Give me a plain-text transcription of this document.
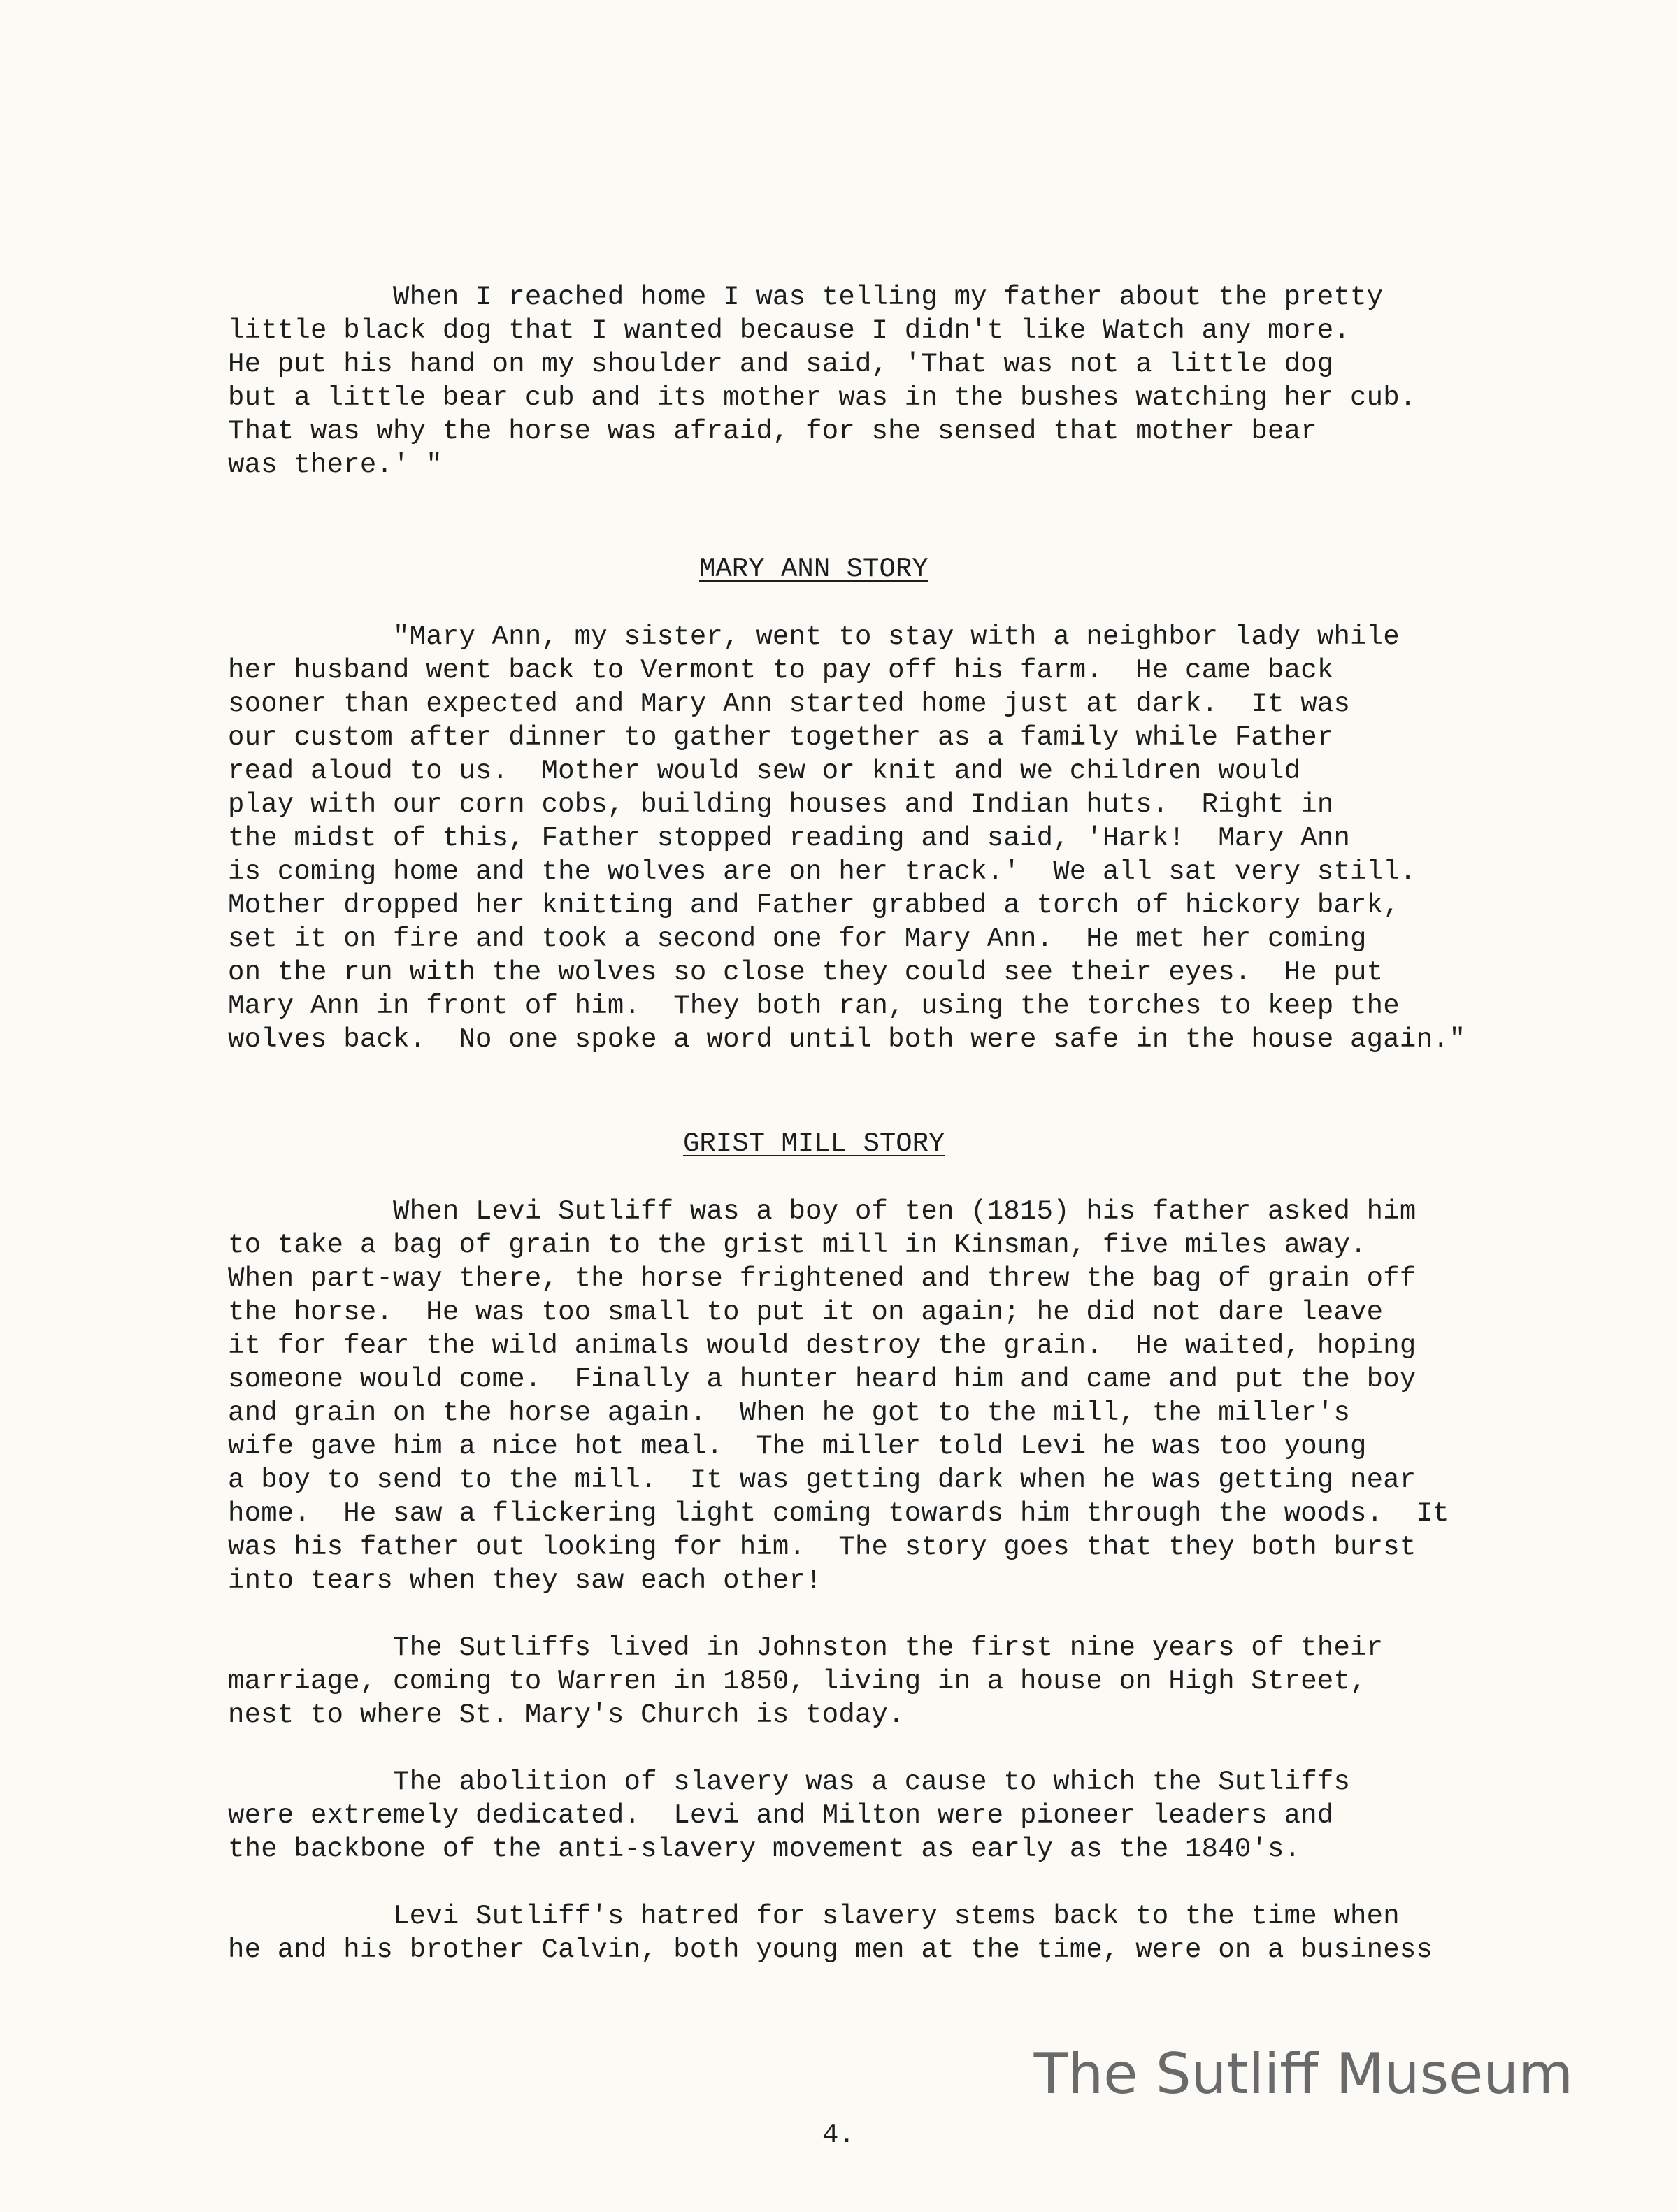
When I reached home I was telling my father about the pretty
little black dog that I wanted because I didn't like Watch any more.
He put his hand on my shoulder and said, 'That was not a little dog
but a little bear cub and its mother was in the bushes watching her cub.
That was why the horse was afraid, for she sensed that mother bear
was there.' "
MARY ANN STORY
"Mary Ann, my sister, went to stay with a neighbor lady while
her husband went back to Vermont to pay off his farm.  He came back
sooner than expected and Mary Ann started home just at dark.  It was
our custom after dinner to gather together as a family while Father
read aloud to us.  Mother would sew or knit and we children would
play with our corn cobs, building houses and Indian huts.  Right in
the midst of this, Father stopped reading and said, 'Hark!  Mary Ann
is coming home and the wolves are on her track.'  We all sat very still.
Mother dropped her knitting and Father grabbed a torch of hickory bark,
set it on fire and took a second one for Mary Ann.  He met her coming
on the run with the wolves so close they could see their eyes.  He put
Mary Ann in front of him.  They both ran, using the torches to keep the
wolves back.  No one spoke a word until both were safe in the house again."
GRIST MILL STORY
When Levi Sutliff was a boy of ten (1815) his father asked him
to take a bag of grain to the grist mill in Kinsman, five miles away.
When part-way there, the horse frightened and threw the bag of grain off
the horse.  He was too small to put it on again; he did not dare leave
it for fear the wild animals would destroy the grain.  He waited, hoping
someone would come.  Finally a hunter heard him and came and put the boy
and grain on the horse again.  When he got to the mill, the miller's
wife gave him a nice hot meal.  The miller told Levi he was too young
a boy to send to the mill.  It was getting dark when he was getting near
home.  He saw a flickering light coming towards him through the woods.  It
was his father out looking for him.  The story goes that they both burst
into tears when they saw each other!
The Sutliffs lived in Johnston the first nine years of their
marriage, coming to Warren in 1850, living in a house on High Street,
nest to where St. Mary's Church is today.
The abolition of slavery was a cause to which the Sutliffs
were extremely dedicated.  Levi and Milton were pioneer leaders and
the backbone of the anti-slavery movement as early as the 1840's.
Levi Sutliff's hatred for slavery stems back to the time when
he and his brother Calvin, both young men at the time, were on a business
The Sutliff Museum
4.
